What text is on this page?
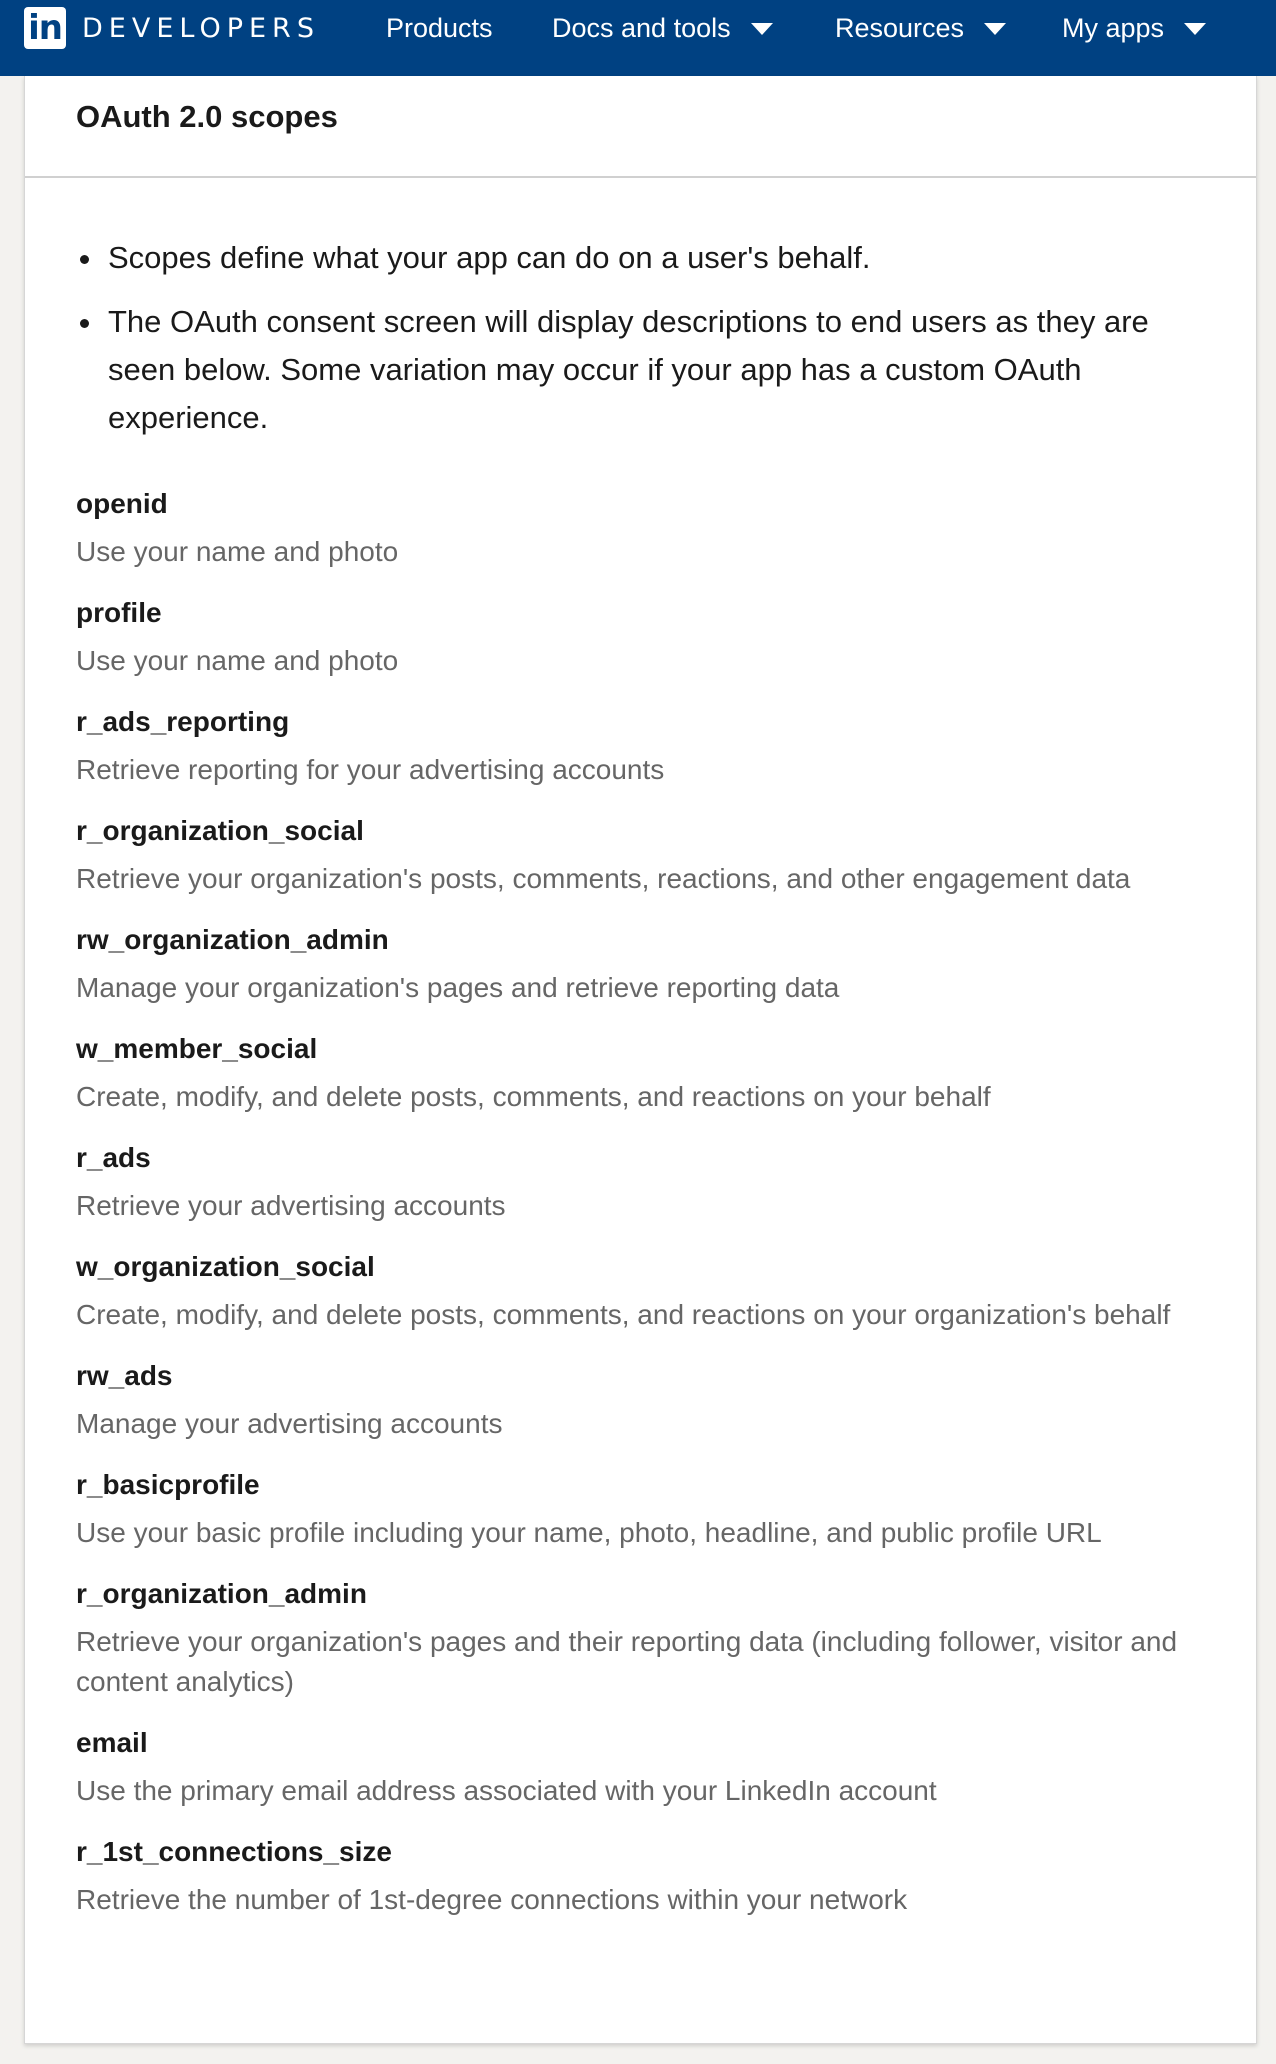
in DEVELOPERS Products Docs and tools	Resources	My apps
OAuth 2.0 scopes
Scopes define what your app can do on a user's behalf.
The OAuth consent screen will display descriptions to end users as they are seen below. Some variation may occur if your app has a custom OAuth experience.
openid
Use your name and photo
profile
Use your name and photo
r_ads_reporting
Retrieve reporting for your advertising accounts
r_organization_social
Retrieve your organization's posts, comments, reactions, and other engagement data
rw_organization_admin
Manage your organization's pages and retrieve reporting data
w_member_social
Create, modify, and delete posts, comments, and reactions on your behalf
r_ads
Retrieve your advertising accounts
w_organization_social
Create, modify, and delete posts, comments, and reactions on your organization's behalf
rw_ads
Manage your advertising accounts
r_basicprofile
Use your basic profile including your name, photo, headline, and public profile URL
r_organization_admin
Retrieve your organization's pages and their reporting data (including follower, visitor and content analytics)
email
Use the primary email address associated with your LinkedIn account
r_1st_connections_size
Retrieve the number of 1st-degree connections within your network
